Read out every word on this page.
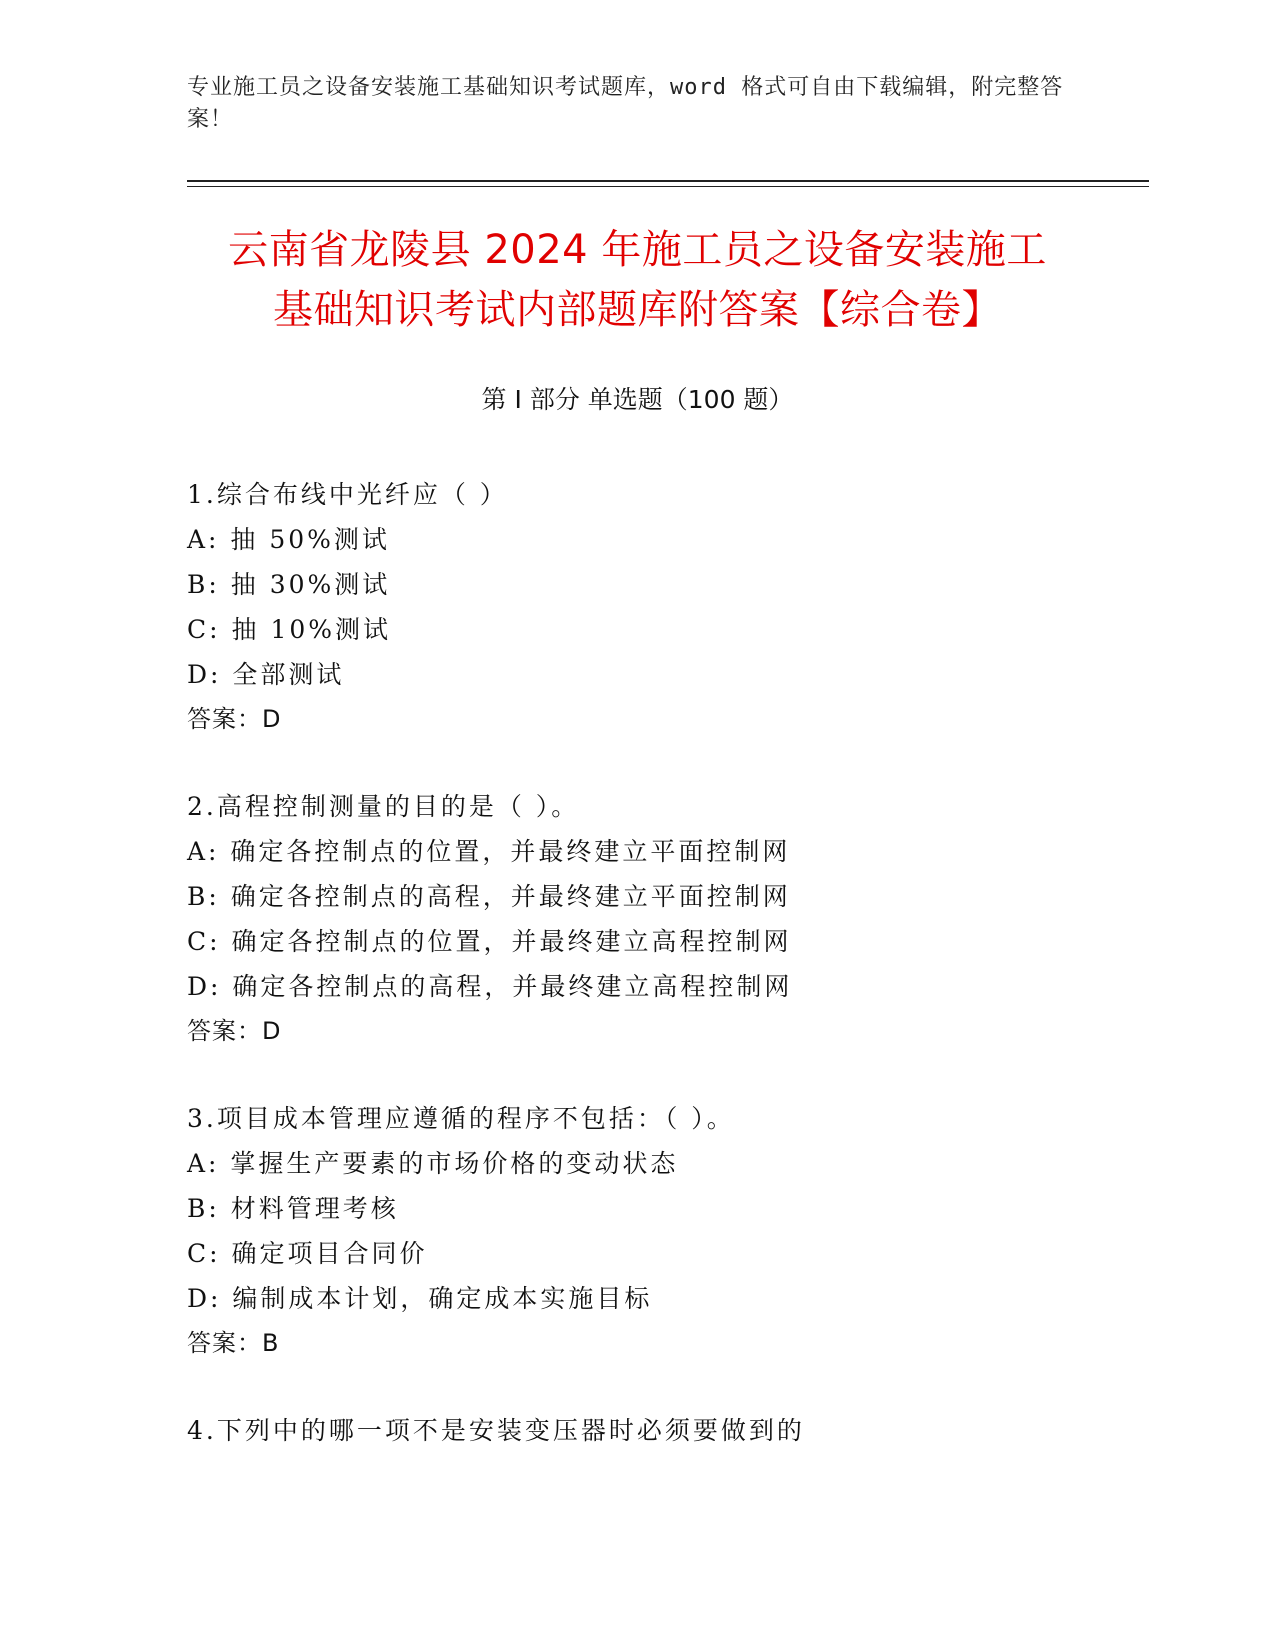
专业施工员之设备安装施工基础知识考试题库，word 格式可自由下载编辑，附完整答案！
云南省龙陵县 2024 年施工员之设备安装施工
基础知识考试内部题库附答案【综合卷】
第 I 部分 单选题（100 题）
1.综合布线中光纤应（ ）
A: 抽 50%测试
B: 抽 30%测试
C: 抽 10%测试
D: 全部测试
答案：D
2.高程控制测量的目的是（ ）。
A: 确定各控制点的位置，并最终建立平面控制网
B: 确定各控制点的高程，并最终建立平面控制网
C: 确定各控制点的位置，并最终建立高程控制网
D: 确定各控制点的高程，并最终建立高程控制网
答案：D
3.项目成本管理应遵循的程序不包括：（ ）。
A: 掌握生产要素的市场价格的变动状态
B: 材料管理考核
C: 确定项目合同价
D: 编制成本计划，确定成本实施目标
答案：B
4.下列中的哪一项不是安装变压器时必须要做到的
